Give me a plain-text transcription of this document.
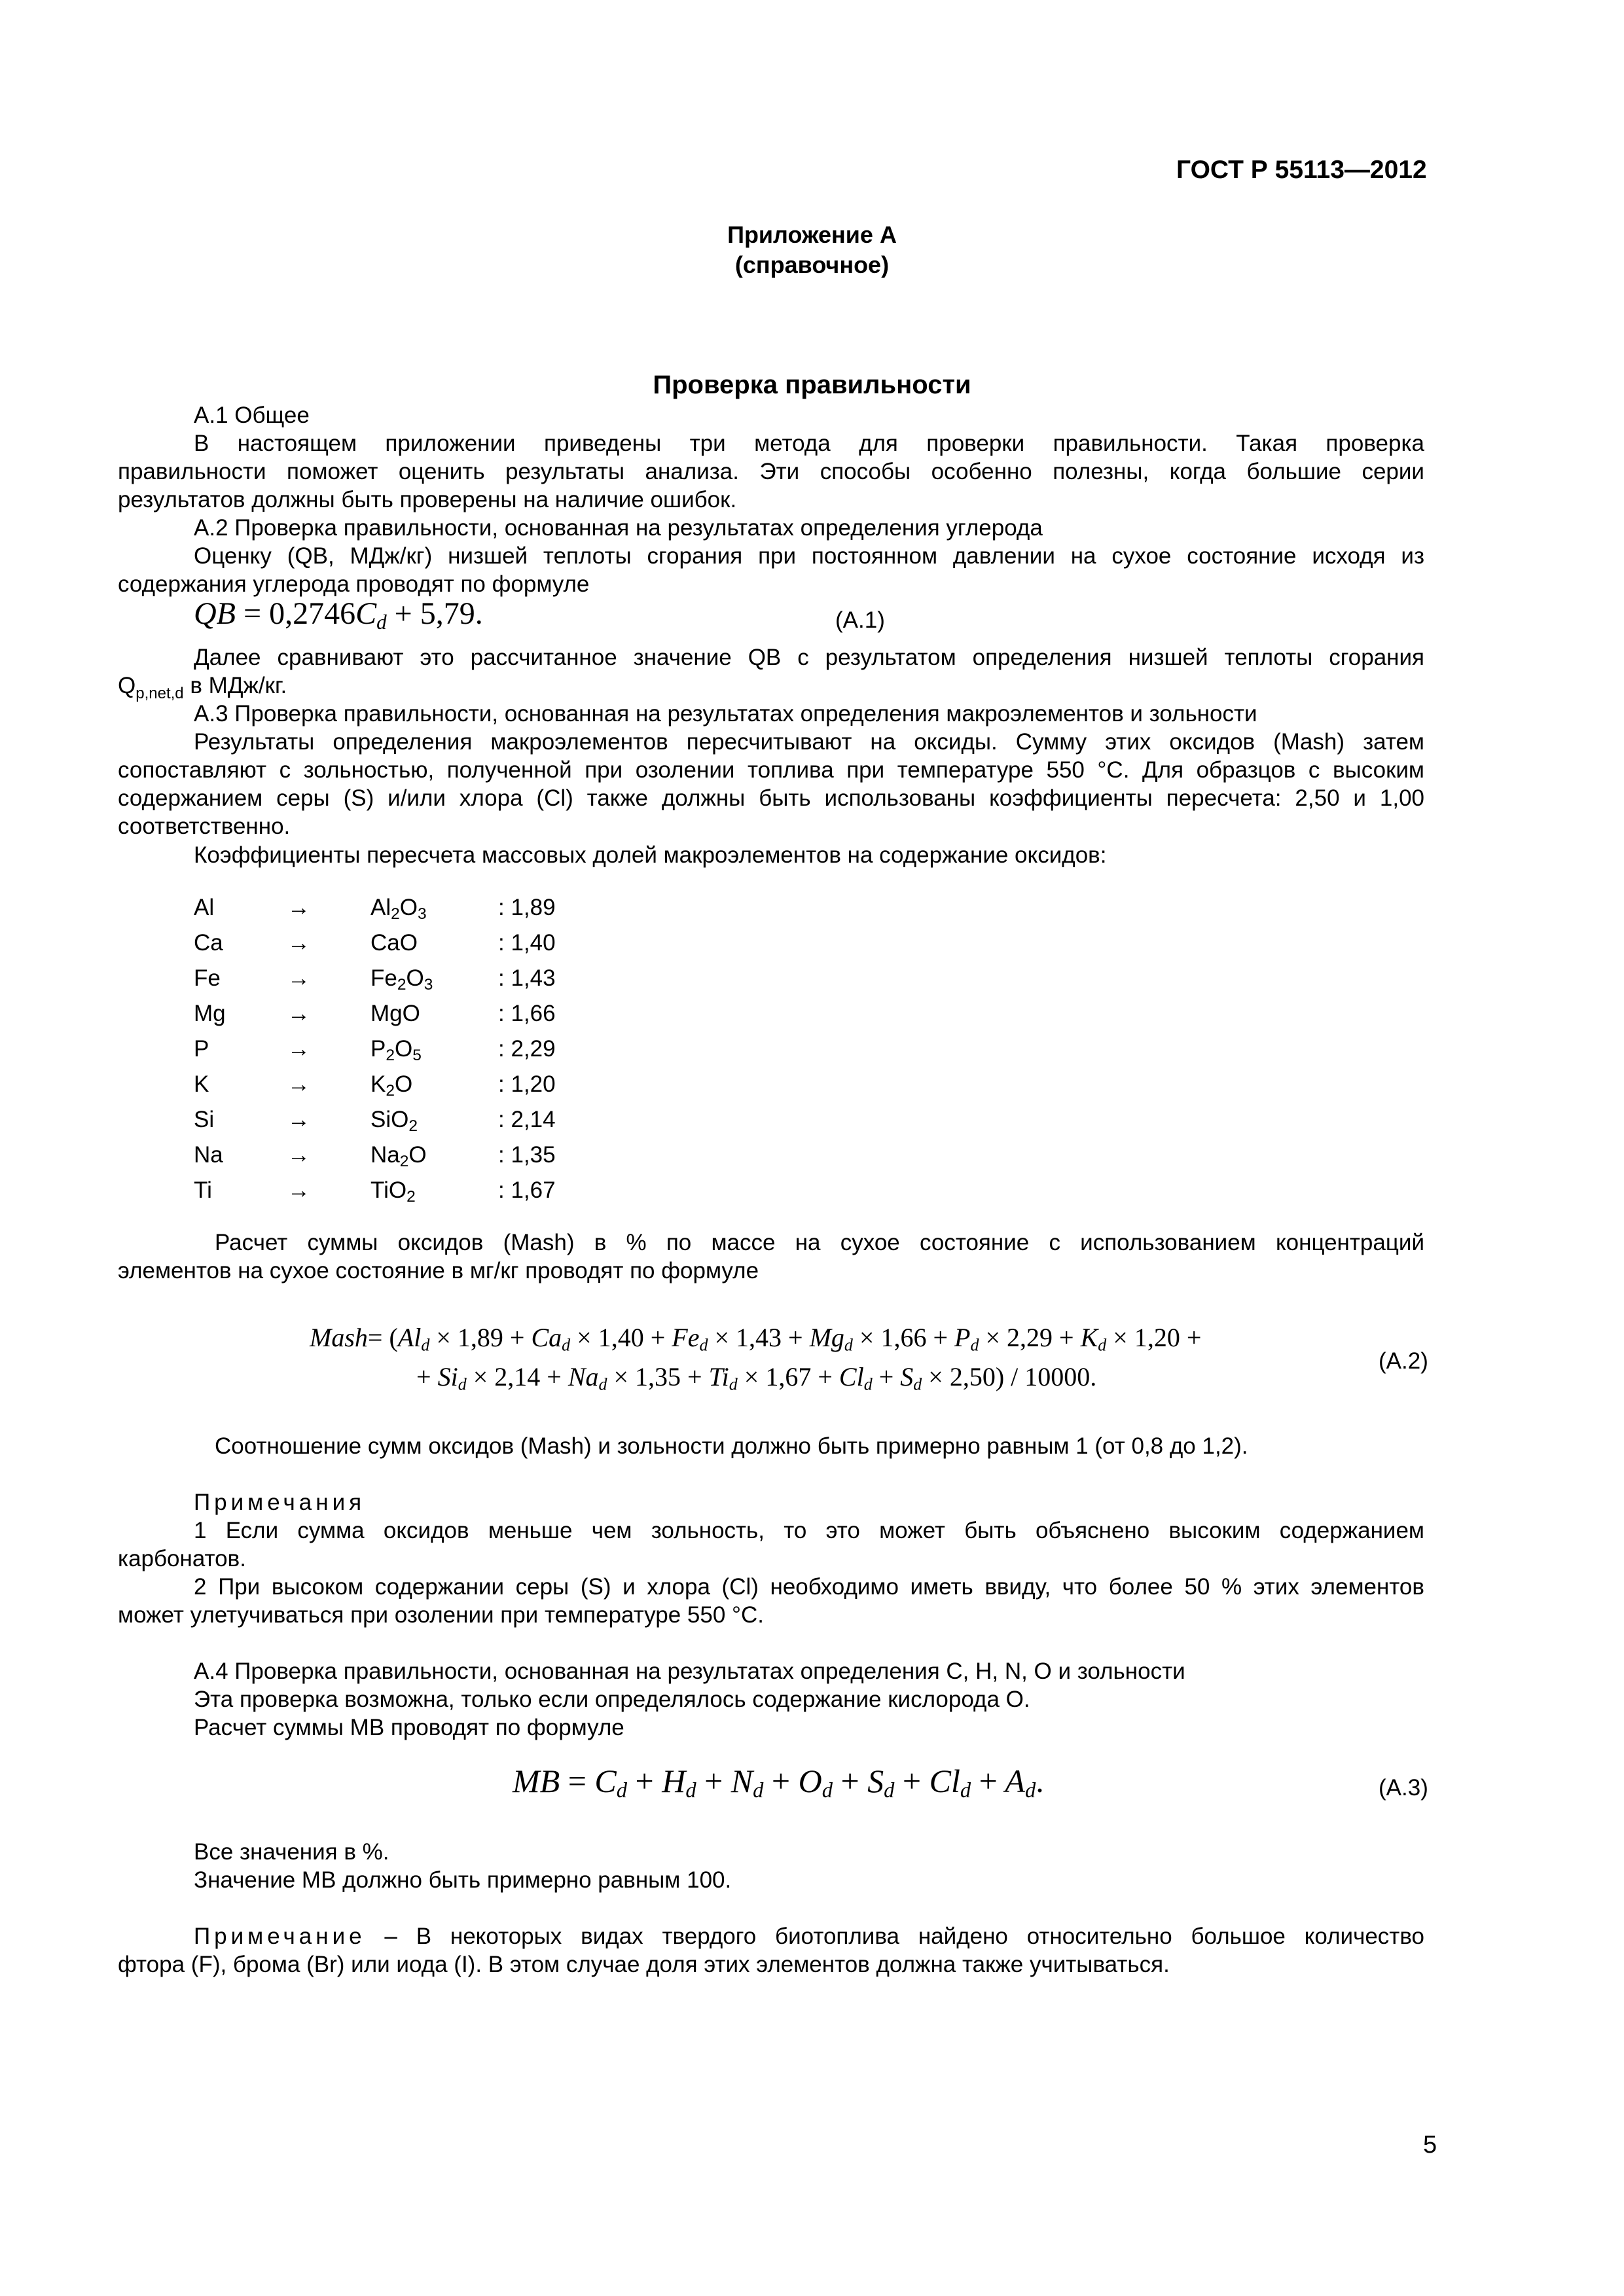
ГОСТ Р 55113—2012
Приложение А
(справочное)
Проверка правильности
А.1 Общее
В настоящем приложении приведены три метода для проверки правильности. Такая проверка
правильности поможет оценить результаты анализа. Эти способы особенно полезны, когда большие серии
результатов должны быть проверены на наличие ошибок.
А.2 Проверка правильности, основанная на результатах определения углерода
Оценку (QB, МДж/кг) низшей теплоты сгорания при постоянном давлении на сухое состояние исходя из
содержания углерода проводят по формуле
QB = $0,2746C_d + 5,79$.	(А.1)
Далее сравнивают это рассчитанное значение QB с результатом определения низшей теплоты сгорания
$Q_{p,net,d}$ в МДж/кг.
А.3 Проверка правильности, основанная на результатах определения макроэлементов и зольности
Результаты определения макроэлементов пересчитывают на оксиды. Сумму этих оксидов (Mash) затем
сопоставляют с зольностью, полученной при озолении топлива при температуре 550 °С. Для образцов с высоким
содержанием серы (S) и/или хлора (Cl) также должны быть использованы коэффициенты пересчета: 2,50 и 1,00
соответственно.
Коэффициенты пересчета массовых долей макроэлементов на содержание оксидов:
Al	→	$Al_2O_3$	: 1,89
Ca	→	CaO	: 1,40
Fe	→	$Fe_2O_3$	: 1,43
Mg	→	MgO	: 1,66
P	→	$P_2O_5$	: 2,29
K	→	$K_2O$	: 1,20
Si	→	SiO$_2$	: 2,14
Na	→	$Na_2O$	: 1,35
Ti	→	TiO$_2$	: 1,67
Расчет суммы оксидов (Mash) в % по массе на сухое состояние с использованием концентраций
элементов на сухое состояние в мг/кг проводят по формуле
Mash= ($Al_d \times 1,89 + Ca_d \times 1,40 + Fe_d \times 1,43 + Mg_d \times 1,66 + P_d \times 2,29 + K_d \times 1,20$ +
+ $Si_d \times 2,14 + Na_d \times 1,35 + Ti_d \times 1,67 + Cl_d + S_d \times 2,50) / 10000$.
(А.2)
Соотношение сумм оксидов (Mash) и зольности должно быть примерно равным 1 (от 0,8 до 1,2).
Примечания
1 Если сумма оксидов меньше чем зольность, то это может быть объяснено высоким содержанием
карбонатов.
2 При высоком содержании серы (S) и хлора (Cl) необходимо иметь ввиду, что более 50 % этих элементов
может улетучиваться при озолении при температуре 550 °С.
А.4 Проверка правильности, основанная на результатах определения C, H, N, O и зольности
Эта проверка возможна, только если определялось содержание кислорода О.
Расчет суммы MB проводят по формуле
MB = $C_d + H_d + N_d + O_d + S_d + Cl_d + A_d$.	(А.3)
Все значения в %.
Значение МВ должно быть примерно равным 100.
Примечание – В некоторых видах твердого биотоплива найдено относительно большое количество
фтора (F), брома (Br) или иода (I). В этом случае доля этих элементов должна также учитываться.
5
